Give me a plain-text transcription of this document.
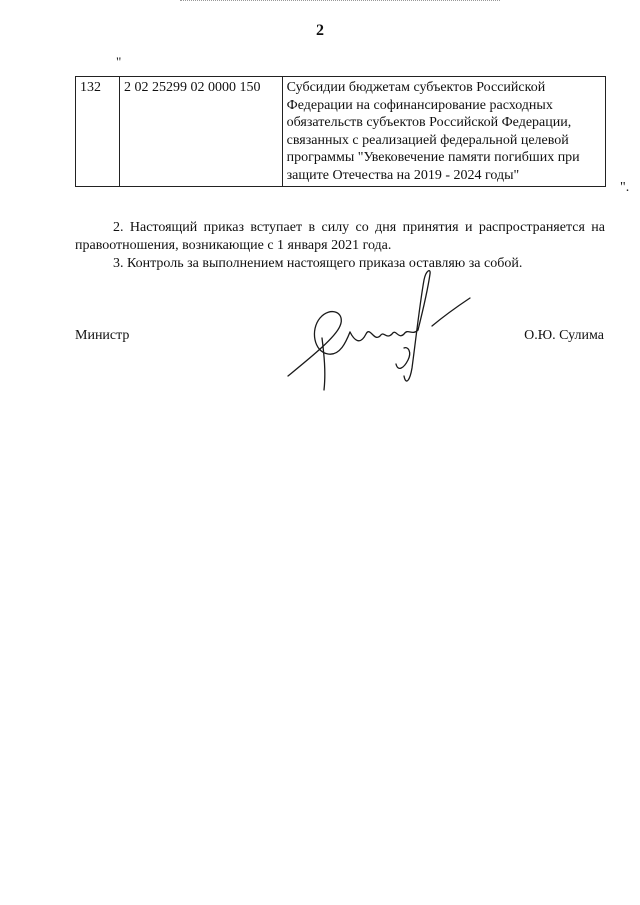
2
"
132	2 02 25299 02 0000 150	Субсидии бюджетам субъектов Российской Федерации на софинансирование расходных обязательств субъектов Российской Федерации, связанных с реализацией федеральной целевой программы "Увековечение памяти погибших при защите Отечества на 2019 - 2024 годы"
".
2. Настоящий приказ вступает в силу со дня принятия и распространяется на правоотношения, возникающие с 1 января 2021 года.
3. Контроль за выполнением настоящего приказа оставляю за собой.
Министр	О.Ю. Сулима
